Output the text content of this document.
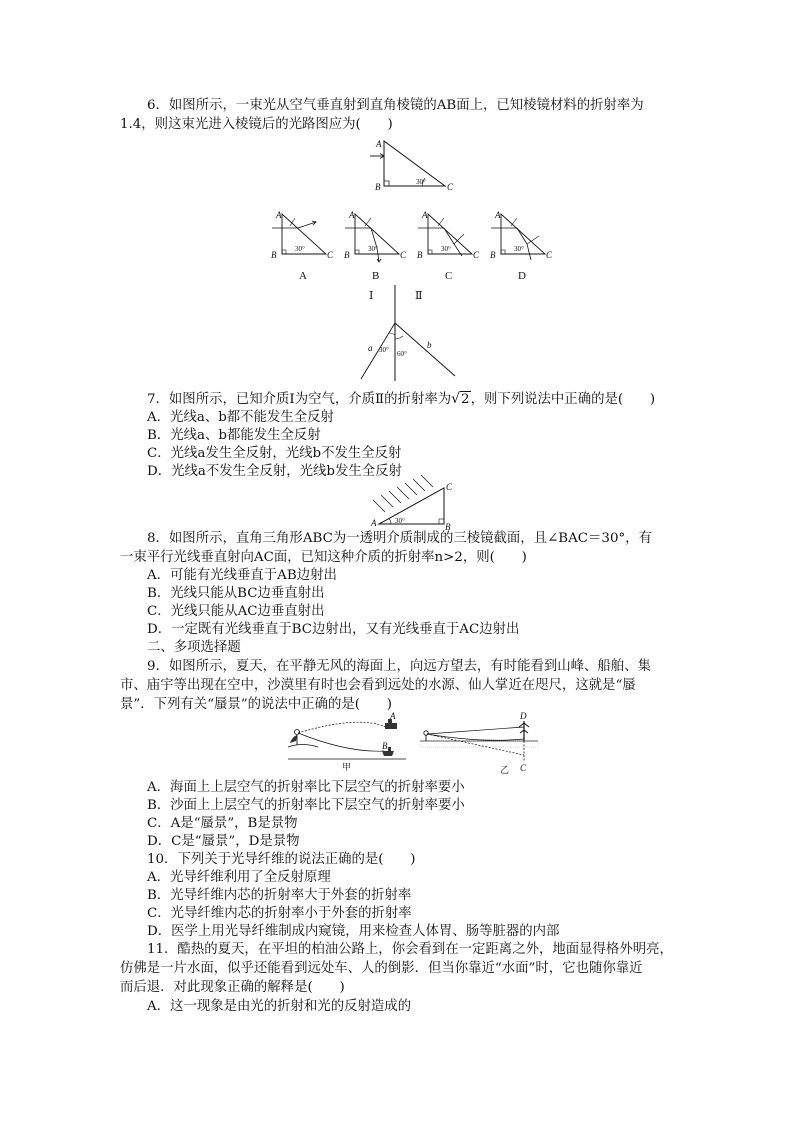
6．如图所示，一束光从空气垂直射到直角棱镜的AB面上，已知棱镜材料的折射率为
1.4，则这束光进入棱镜后的光路图应为(　　)
A
B	C
30°
A
B	C
30°
A
A
B	C
30°
B
A
B	C
30°
C
A
B	C
30°
D
Ⅰ	Ⅱ
a	b
30° 60°
7．如图所示，已知介质Ⅰ为空气，介质Ⅱ的折射率为√2，则下列说法中正确的是(　　)
A．光线a、b都不能发生全反射
B．光线a、b都能发生全反射
C．光线a发生全反射，光线b不发生全反射
D．光线a不发生全反射，光线b发生全反射
A	B
C
30°
8．如图所示，直角三角形ABC为一透明介质制成的三棱镜截面，且∠BAC＝30°，有
一束平行光线垂直射向AC面，已知这种介质的折射率n>2，则(　　)
A．可能有光线垂直于AB边射出
B．光线只能从BC边垂直射出
C．光线只能从AC边垂直射出
D．一定既有光线垂直于BC边射出，又有光线垂直于AC边射出
二、多项选择题
9．如图所示，夏天，在平静无风的海面上，向远方望去，有时能看到山峰、船舶、集
市、庙宇等出现在空中，沙漠里有时也会看到远处的水源、仙人掌近在咫尺，这就是“蜃
景”．下列有关“蜃景”的说法中正确的是(　　)
A
B
甲
D
C
乙
A．海面上上层空气的折射率比下层空气的折射率要小
B．沙面上上层空气的折射率比下层空气的折射率要小
C．A是“蜃景”，B是景物
D．C是“蜃景”，D是景物
10．下列关于光导纤维的说法正确的是(　　)
A．光导纤维利用了全反射原理
B．光导纤维内芯的折射率大于外套的折射率
C．光导纤维内芯的折射率小于外套的折射率
D．医学上用光导纤维制成内窥镜，用来检查人体胃、肠等脏器的内部
11．酷热的夏天，在平坦的柏油公路上，你会看到在一定距离之外，地面显得格外明亮，
仿佛是一片水面，似乎还能看到远处车、人的倒影．但当你靠近“水面”时，它也随你靠近
而后退．对此现象正确的解释是(　　)
A．这一现象是由光的折射和光的反射造成的
